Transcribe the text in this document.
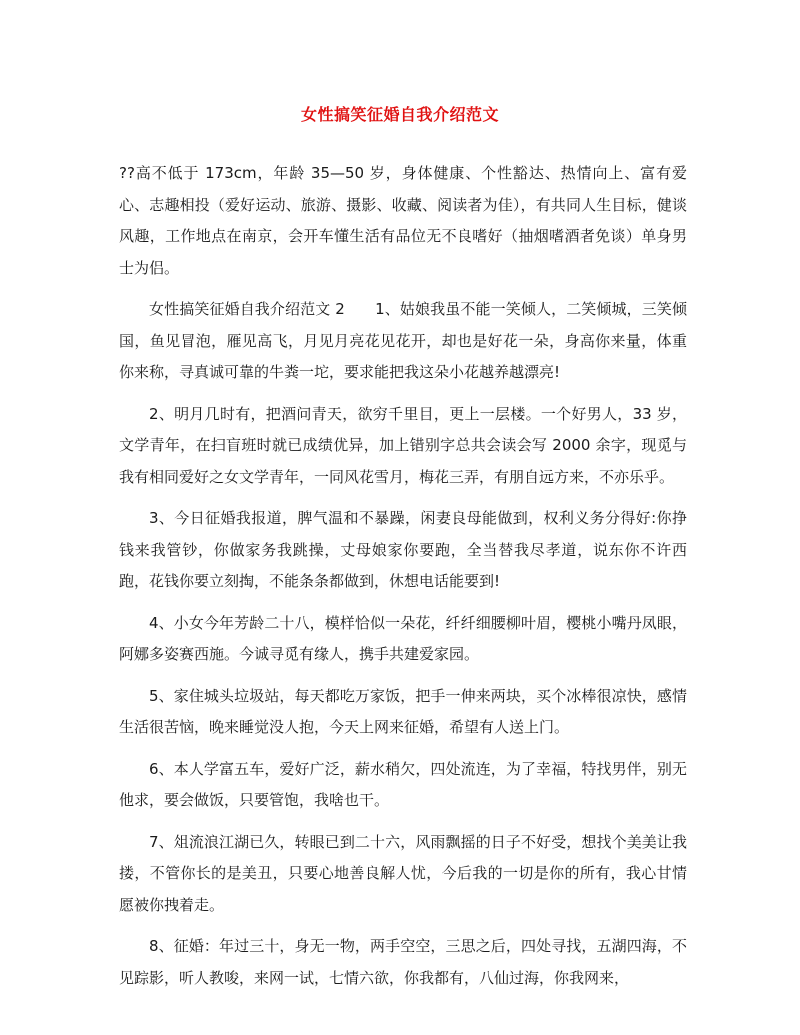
女性搞笑征婚自我介绍范文

??高不低于 173cm，年龄 35—50 岁，身体健康、个性豁达、热情向上、富有爱心、志趣相投（爱好运动、旅游、摄影、收藏、阅读者为佳），有共同人生目标，健谈风趣，工作地点在南京，会开车懂生活有品位无不良嗜好（抽烟嗜酒者免谈）单身男士为侣。

女性搞笑征婚自我介绍范文 2　　1、姑娘我虽不能一笑倾人，二笑倾城，三笑倾国，鱼见冒泡，雁见高飞，月见月亮花见花开，却也是好花一朵，身高你来量，体重你来称，寻真诚可靠的牛粪一坨，要求能把我这朵小花越养越漂亮!

2、明月几时有，把酒问青天，欲穷千里目，更上一层楼。一个好男人，33 岁，文学青年，在扫盲班时就已成绩优异，加上错别字总共会读会写 2000 余字，现觅与我有相同爱好之女文学青年，一同风花雪月，梅花三弄，有朋自远方来，不亦乐乎。

3、今日征婚我报道，脾气温和不暴躁，闲妻良母能做到，权利义务分得好:你挣钱来我管钞，你做家务我跳操，丈母娘家你要跑，全当替我尽孝道，说东你不许西跑，花钱你要立刻掏，不能条条都做到，休想电话能要到!

4、小女今年芳龄二十八，模样恰似一朵花，纤纤细腰柳叶眉，樱桃小嘴丹凤眼，阿娜多姿赛西施。今诚寻觅有缘人，携手共建爱家园。

5、家住城头垃圾站，每天都吃万家饭，把手一伸来两块，买个冰棒很凉快，感情生活很苦恼，晚来睡觉没人抱，今天上网来征婚，希望有人送上门。

6、本人学富五车，爱好广泛，薪水稍欠，四处流连，为了幸福，特找男伴，别无他求，要会做饭，只要管饱，我啥也干。

7、俎流浪江湖已久，转眼已到二十六，风雨飘摇的日子不好受，想找个美美让我搂，不管你长的是美丑，只要心地善良解人忧，今后我的一切是你的所有，我心甘情愿被你拽着走。

8、征婚：年过三十，身无一物，两手空空，三思之后，四处寻找，五湖四海，不见踪影，听人教唆，来网一试，七情六欲，你我都有，八仙过海，你我网来，
